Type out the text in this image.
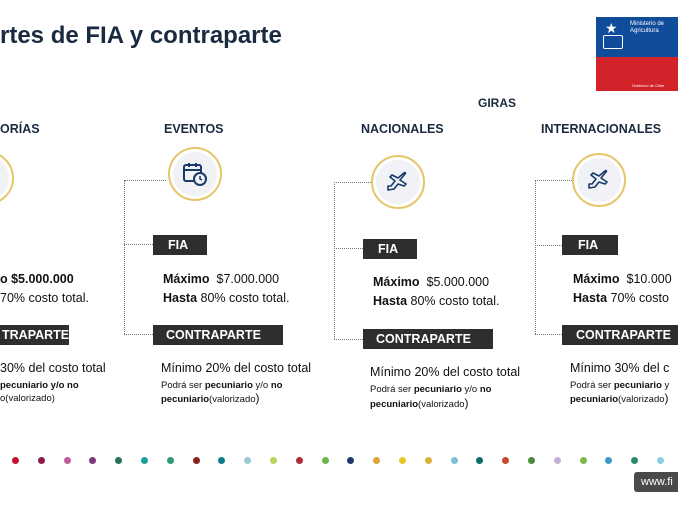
rtes de FIA y contraparte	★ Ministerio de
Agricultura
Gobierno de Chile
GIRAS
ORÍAS	EVENTOS	NACIONALES	INTERNACIONALES
o $5.000.000
70% costo total.
TRAPARTE
30% del costo total
pecuniario y/o no
o(valorizado)
FIA
Máximo $7.000.000
Hasta 80% costo total.
CONTRAPARTE
Mínimo 20% del costo total
Podrá ser pecuniario y/o no
pecuniario(valorizado)
FIA
Máximo $5.000.000
Hasta 80% costo total.
CONTRAPARTE
Mínimo 20% del costo total
Podrá ser pecuniario y/o no
pecuniario(valorizado)
FIA
Máximo $10.000
Hasta 70% costo
CONTRAPARTE
Mínimo 30% del c
Podrá ser pecuniario y
pecuniario(valorizado)
www.fi
